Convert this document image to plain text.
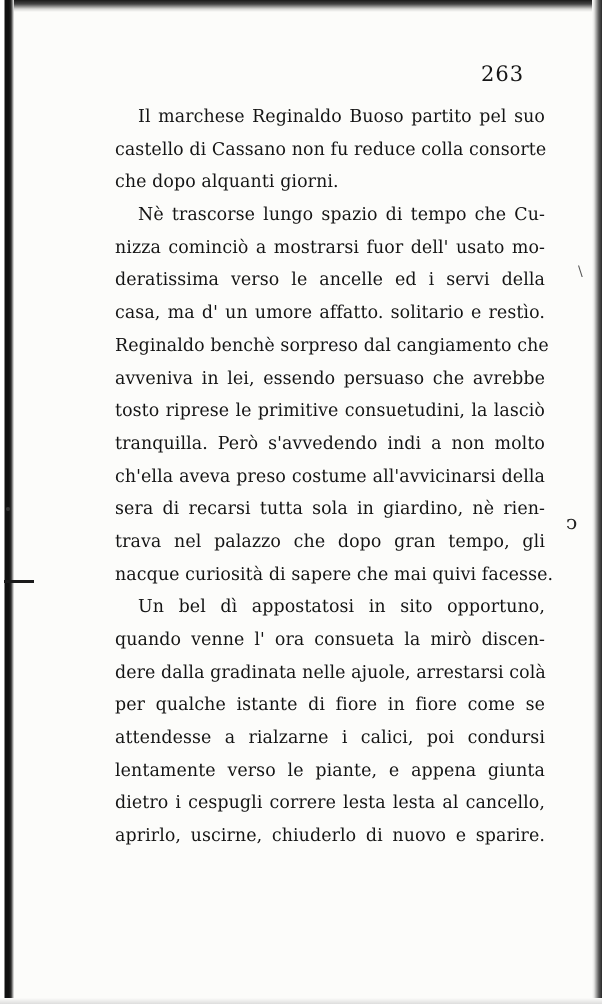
ↄ
\
263
Il marchese Reginaldo Buoso partito pel suo
castello di Cassano non fu reduce colla consorte
che dopo alquanti giorni.
Nè trascorse lungo spazio di tempo che Cu-
nizza cominciò a mostrarsi fuor dell' usato mo-
deratissima verso le ancelle ed i servi della
casa, ma d' un umore affatto. solitario e restìo.
Reginaldo benchè sorpreso dal cangiamento che
avveniva in lei, essendo persuaso che avrebbe
tosto riprese le primitive consuetudini, la lasciò
tranquilla. Però s'avvedendo indi a non molto
ch'ella aveva preso costume all'avvicinarsi della
sera di recarsi tutta sola in giardino, nè rien-
trava nel palazzo che dopo gran tempo, gli
nacque curiosità di sapere che mai quivi facesse.
Un bel dì appostatosi in sito opportuno,
quando venne l' ora consueta la mirò discen-
dere dalla gradinata nelle ajuole, arrestarsi colà
per qualche istante di fiore in fiore come se
attendesse a rialzarne i calici, poi condursi
lentamente verso le piante, e appena giunta
dietro i cespugli correre lesta lesta al cancello,
aprirlo, uscirne, chiuderlo di nuovo e sparire.
